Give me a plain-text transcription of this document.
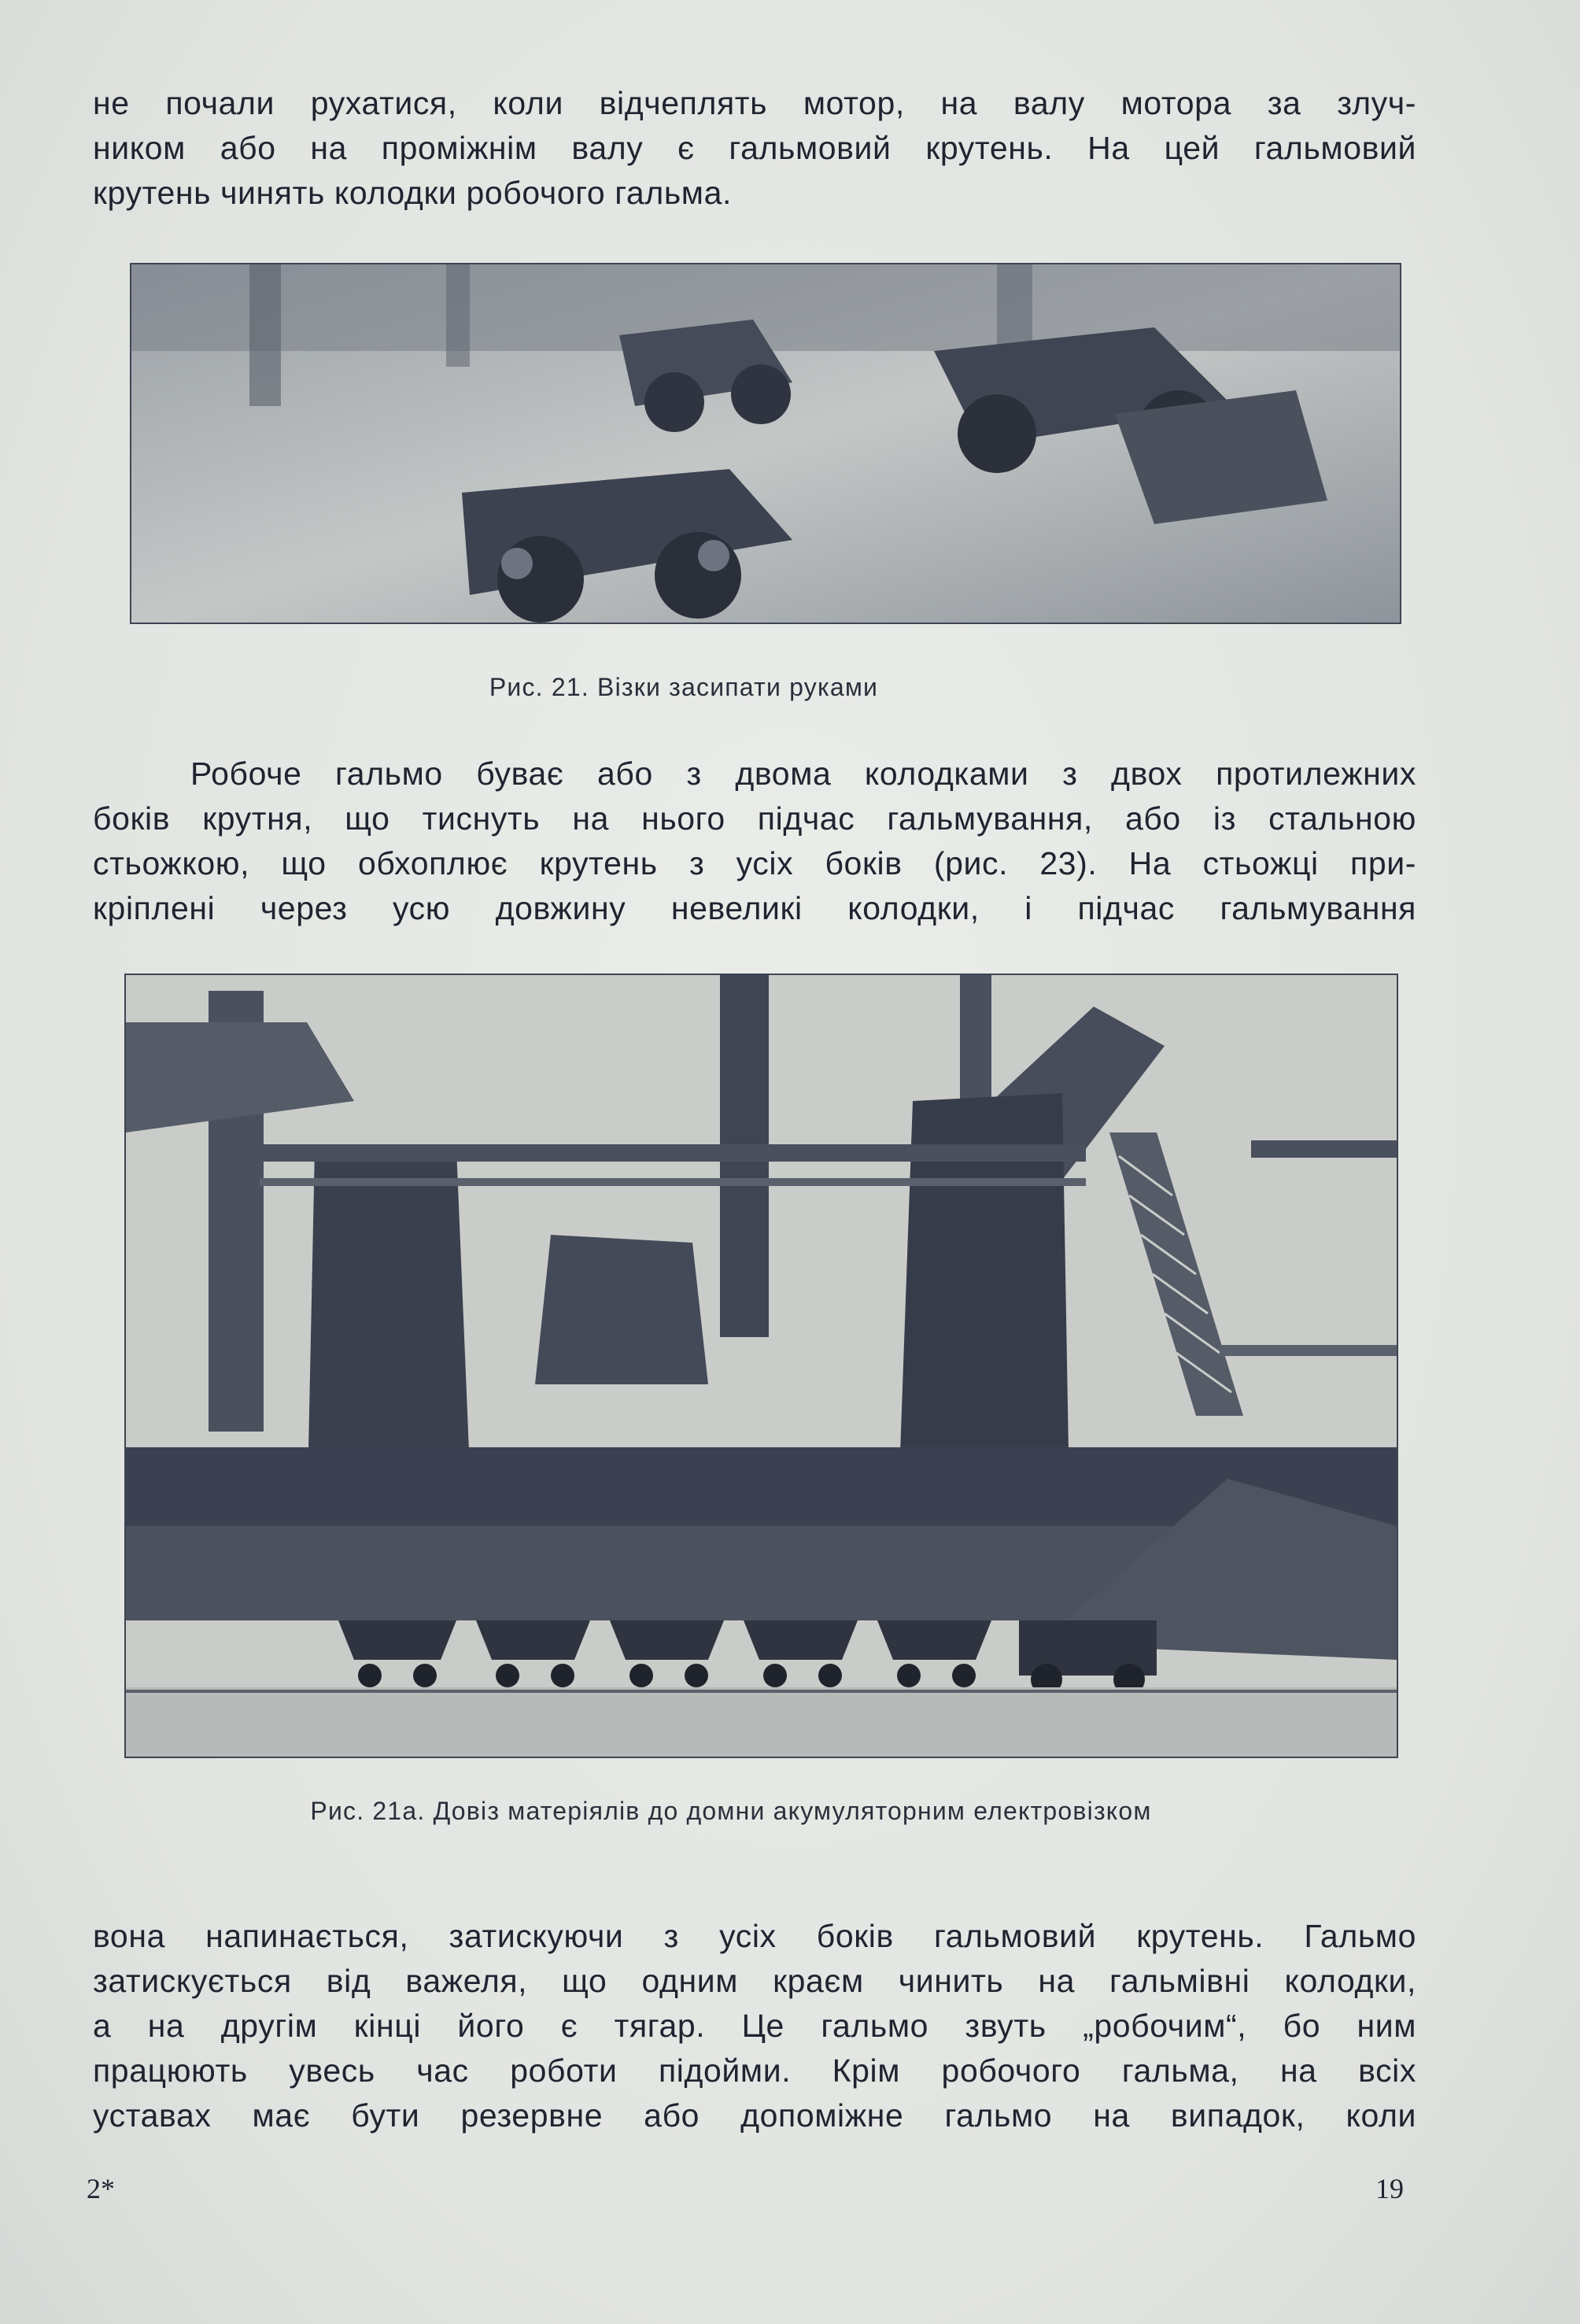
не почали рухатися, коли відчеплять мотор, на валу мотора за злуч-
ником або на проміжнім валу є гальмовий крутень. На цей гальмовий
крутень чинять колодки робочого гальма.

Рис. 21. Візки засипати руками

Робоче гальмо буває або з двома колодками з двох протилежних
боків крутня, що тиснуть на нього підчас гальмування, або із стальною
стьожкою, що обхоплює крутень з усіх боків (рис. 23). На стьожці при-
кріплені через усю довжину невеликі колодки, і підчас гальмування

Рис. 21а. Довіз матеріялів до домни акумуляторним електровізком

вона напинається, затискуючи з усіх боків гальмовий крутень. Гальмо
затискується від важеля, що одним краєм чинить на гальмівні колодки,
а на другім кінці його є тягар. Це гальмо звуть „робочим“, бо ним
працюють увесь час роботи підойми. Крім робочого гальма, на всіх
уставах має бути резервне або допоміжне гальмо на випадок, коли

2*	19
